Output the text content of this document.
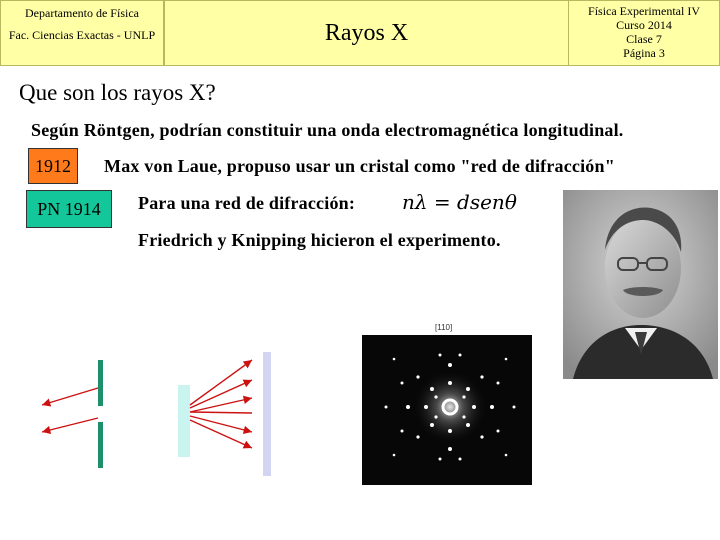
Departamento de Física
Fac. Ciencias Exactas - UNLP	Rayos X
Física Experimental IV
Curso 2014
Clase 7
Página 3
Que son los rayos X?
Según Röntgen, podrían constituir una onda electromagnética longitudinal.
1912	Max von Laue, propuso usar un cristal como "red de difracción"
PN 1914	Para una red de difracción: nλ = dsenθ
Friedrich y Knipping hicieron el experimento.
[110]
